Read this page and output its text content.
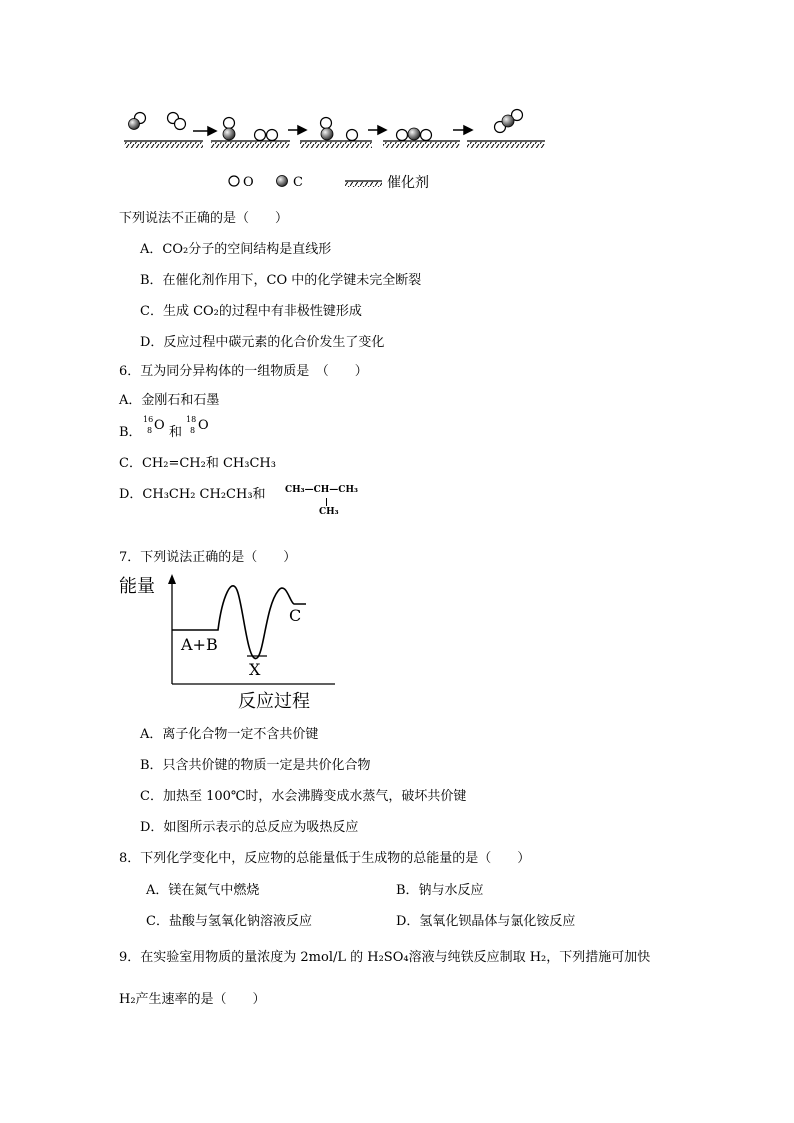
O	C	催化剂
下列说法不正确的是（　　）
A．CO₂分子的空间结构是直线形
B．在催化剂作用下，CO 中的化学键未完全断裂
C．生成 CO₂的过程中有非极性键形成
D．反应过程中碳元素的化合价发生了变化
6．互为同分异构体的一组物质是　（　　）
A．金刚石和石墨
B．
16
8 O 和
18
8 O
C．CH₂=CH₂和 CH₃CH₃
D．CH₃CH₂ CH₂CH₃和 CH₃—CH—CH₃
CH₃
7．下列说法正确的是（　　）
能量
反应过程
A+B
X
C
A．离子化合物一定不含共价键
B．只含共价键的物质一定是共价化合物
C．加热至 100℃时，水会沸腾变成水蒸气，破坏共价键
D．如图所示表示的总反应为吸热反应
8．下列化学变化中，反应物的总能量低于生成物的总能量的是（　　）
A．镁在氮气中燃烧	B．钠与水反应
C．盐酸与氢氧化钠溶液反应	D．氢氧化钡晶体与氯化铵反应
9．在实验室用物质的量浓度为 2mol/L 的 H₂SO₄溶液与纯铁反应制取 H₂，下列措施可加快
H₂产生速率的是（　　）
